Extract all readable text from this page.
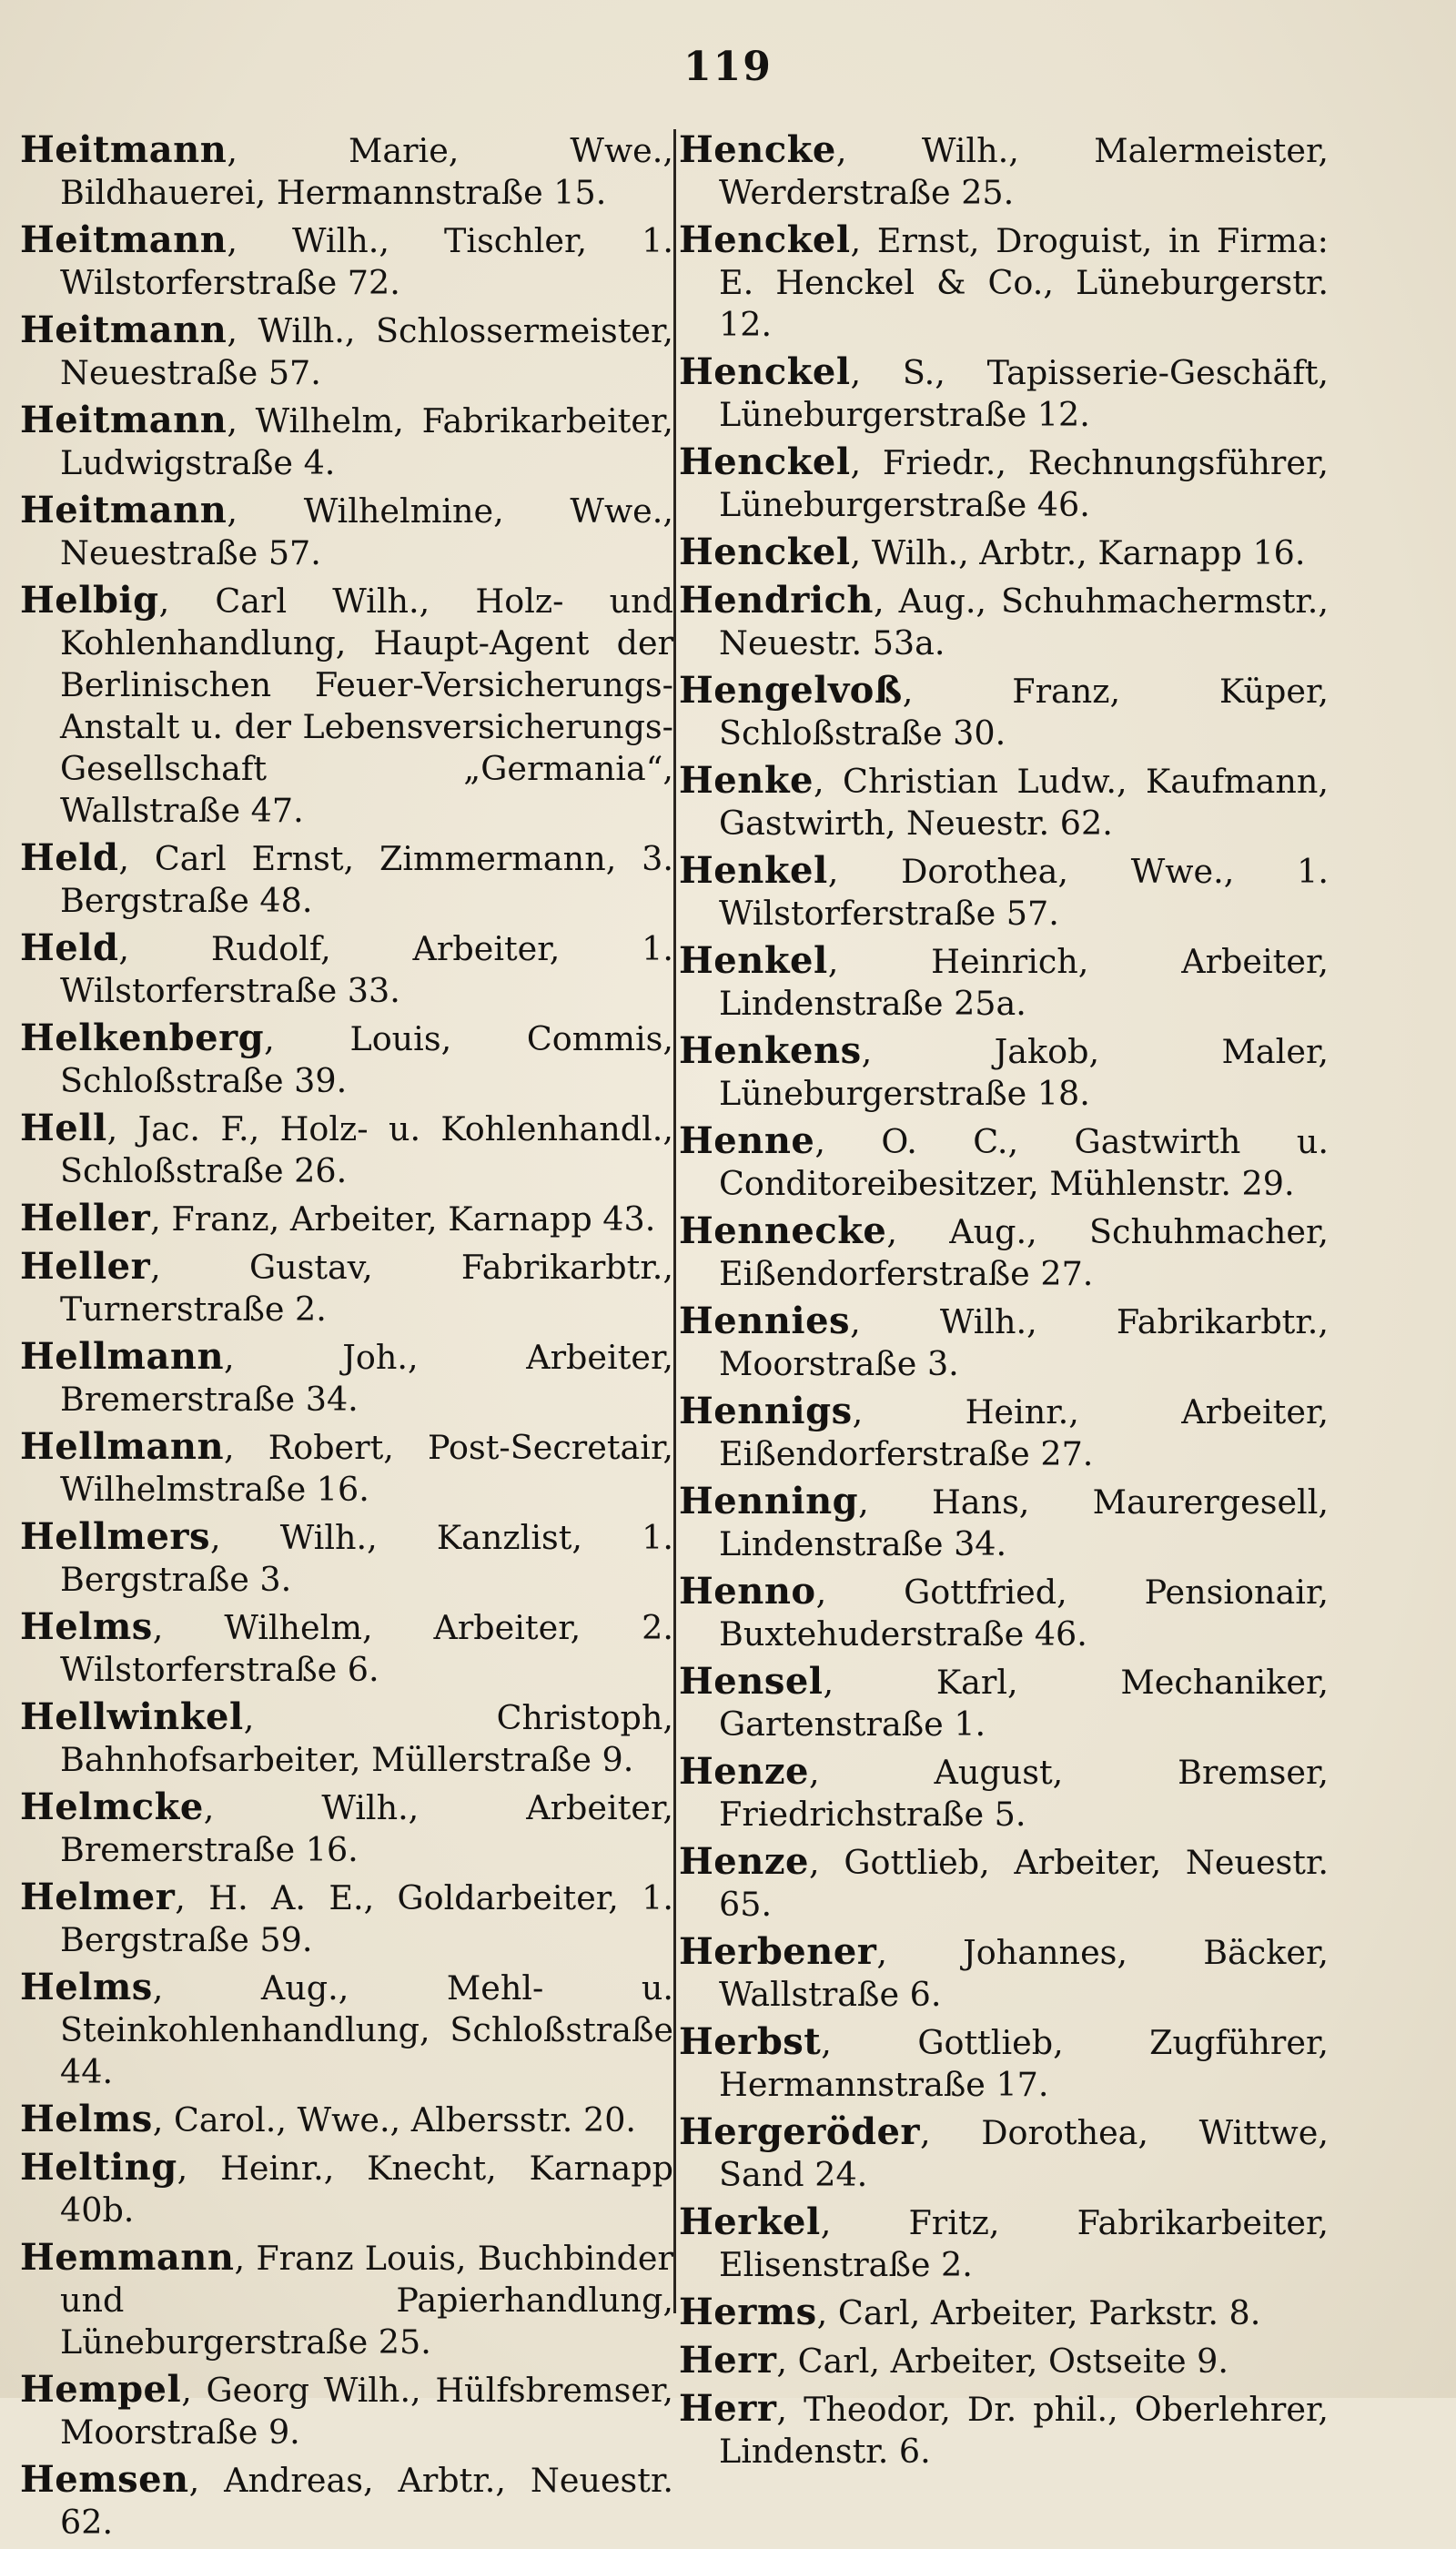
119

Heitmann, Marie, Wwe., Bildhauerei, Hermannstraße 15.

Heitmann, Wilh., Tischler, 1. Wilstorferstraße 72.

Heitmann, Wilh., Schlossermeister, Neuestraße 57.

Heitmann, Wilhelm, Fabrikarbeiter, Ludwigstraße 4.

Heitmann, Wilhelmine, Wwe., Neuestraße 57.

Helbig, Carl Wilh., Holz- und Kohlenhandlung, Haupt-Agent der Berlinischen Feuer-Versicherungs-Anstalt u. der Lebensversicherungs-Gesellschaft „Germania“, Wallstraße 47.

Held, Carl Ernst, Zimmermann, 3. Bergstraße 48.

Held, Rudolf, Arbeiter, 1. Wilstorferstraße 33.

Helkenberg, Louis, Commis, Schloßstraße 39.

Hell, Jac. F., Holz- u. Kohlenhandl., Schloßstraße 26.

Heller, Franz, Arbeiter, Karnapp 43.

Heller, Gustav, Fabrikarbtr., Turnerstraße 2.

Hellmann, Joh., Arbeiter, Bremerstraße 34.

Hellmann, Robert, Post-Secretair, Wilhelmstraße 16.

Hellmers, Wilh., Kanzlist, 1. Bergstraße 3.

Helms, Wilhelm, Arbeiter, 2. Wilstorferstraße 6.

Hellwinkel, Christoph, Bahnhofsarbeiter, Müllerstraße 9.

Helmcke, Wilh., Arbeiter, Bremerstraße 16.

Helmer, H. A. E., Goldarbeiter, 1. Bergstraße 59.

Helms, Aug., Mehl- u. Steinkohlenhandlung, Schloßstraße 44.

Helms, Carol., Wwe., Albersstr. 20.

Helting, Heinr., Knecht, Karnapp 40b.

Hemmann, Franz Louis, Buchbinder und Papierhandlung, Lüneburgerstraße 25.

Hempel, Georg Wilh., Hülfsbremser, Moorstraße 9.

Hemsen, Andreas, Arbtr., Neuestr. 62.

Hencke, Wilh., Malermeister, Werderstraße 25.

Henckel, Ernst, Droguist, in Firma: E. Henckel & Co., Lüneburgerstr. 12.

Henckel, S., Tapisserie-Geschäft, Lüneburgerstraße 12.

Henckel, Friedr., Rechnungsführer, Lüneburgerstraße 46.

Henckel, Wilh., Arbtr., Karnapp 16.

Hendrich, Aug., Schuhmachermstr., Neuestr. 53a.

Hengelvoß, Franz, Küper, Schloßstraße 30.

Henke, Christian Ludw., Kaufmann, Gastwirth, Neuestr. 62.

Henkel, Dorothea, Wwe., 1. Wilstorferstraße 57.

Henkel, Heinrich, Arbeiter, Lindenstraße 25a.

Henkens, Jakob, Maler, Lüneburgerstraße 18.

Henne, O. C., Gastwirth u. Conditoreibesitzer, Mühlenstr. 29.

Hennecke, Aug., Schuhmacher, Eißendorferstraße 27.

Hennies, Wilh., Fabrikarbtr., Moorstraße 3.

Hennigs, Heinr., Arbeiter, Eißendorferstraße 27.

Henning, Hans, Maurergesell, Lindenstraße 34.

Henno, Gottfried, Pensionair, Buxtehuderstraße 46.

Hensel, Karl, Mechaniker, Gartenstraße 1.

Henze, August, Bremser, Friedrichstraße 5.

Henze, Gottlieb, Arbeiter, Neuestr. 65.

Herbener, Johannes, Bäcker, Wallstraße 6.

Herbst, Gottlieb, Zugführer, Hermannstraße 17.

Hergeröder, Dorothea, Wittwe, Sand 24.

Herkel, Fritz, Fabrikarbeiter, Elisenstraße 2.

Herms, Carl, Arbeiter, Parkstr. 8.

Herr, Carl, Arbeiter, Ostseite 9.

Herr, Theodor, Dr. phil., Oberlehrer, Lindenstr. 6.
